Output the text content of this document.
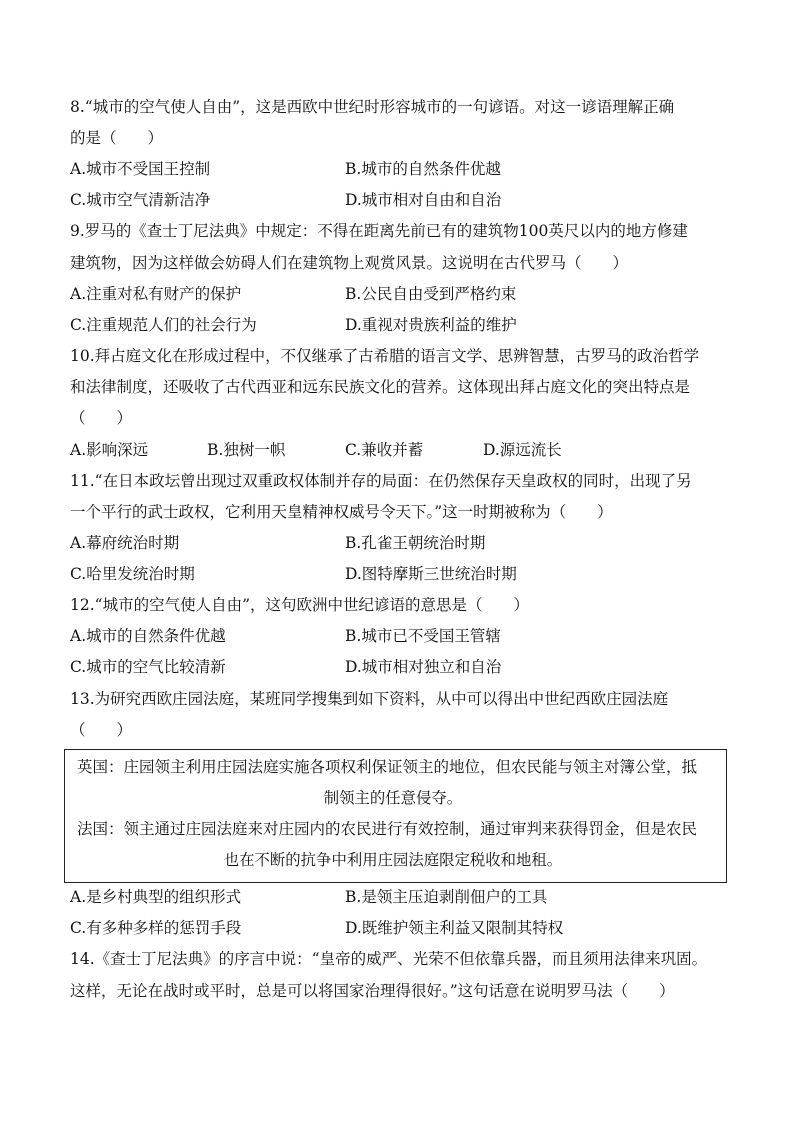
8.“城市的空气使人自由”，这是西欧中世纪时形容城市的一句谚语。对这一谚语理解正确
的是（　　）
A.城市不受国王控制	B.城市的自然条件优越
C.城市空气清新洁净	D.城市相对自由和自治
9.罗马的《查士丁尼法典》中规定：不得在距离先前已有的建筑物100英尺以内的地方修建
建筑物，因为这样做会妨碍人们在建筑物上观赏风景。这说明在古代罗马（　　）
A.注重对私有财产的保护	B.公民自由受到严格约束
C.注重规范人们的社会行为	D.重视对贵族利益的维护
10.拜占庭文化在形成过程中，不仅继承了古希腊的语言文学、思辨智慧，古罗马的政治哲学
和法律制度，还吸收了古代西亚和远东民族文化的营养。这体现出拜占庭文化的突出特点是
（　　）
A.影响深远	B.独树一帜	C.兼收并蓄	D.源远流长
11.“在日本政坛曾出现过双重政权体制并存的局面：在仍然保存天皇政权的同时，出现了另
一个平行的武士政权，它利用天皇精神权威号令天下。”这一时期被称为（　　）
A.幕府统治时期	B.孔雀王朝统治时期
C.哈里发统治时期	D.图特摩斯三世统治时期
12.“城市的空气使人自由”，这句欧洲中世纪谚语的意思是（　　）
A.城市的自然条件优越	B.城市已不受国王管辖
C.城市的空气比较清新	D.城市相对独立和自治
13.为研究西欧庄园法庭，某班同学搜集到如下资料，从中可以得出中世纪西欧庄园法庭
（　　）
英国：庄园领主利用庄园法庭实施各项权利保证领主的地位，但农民能与领主对簿公堂，抵
制领主的任意侵夺。
法国：领主通过庄园法庭来对庄园内的农民进行有效控制，通过审判来获得罚金，但是农民
也在不断的抗争中利用庄园法庭限定税收和地租。
A.是乡村典型的组织形式	B.是领主压迫剥削佃户的工具
C.有多种多样的惩罚手段	D.既维护领主利益又限制其特权
14.《查士丁尼法典》的序言中说：“皇帝的威严、光荣不但依靠兵器，而且须用法律来巩固。
这样，无论在战时或平时，总是可以将国家治理得很好。”这句话意在说明罗马法（　　）
